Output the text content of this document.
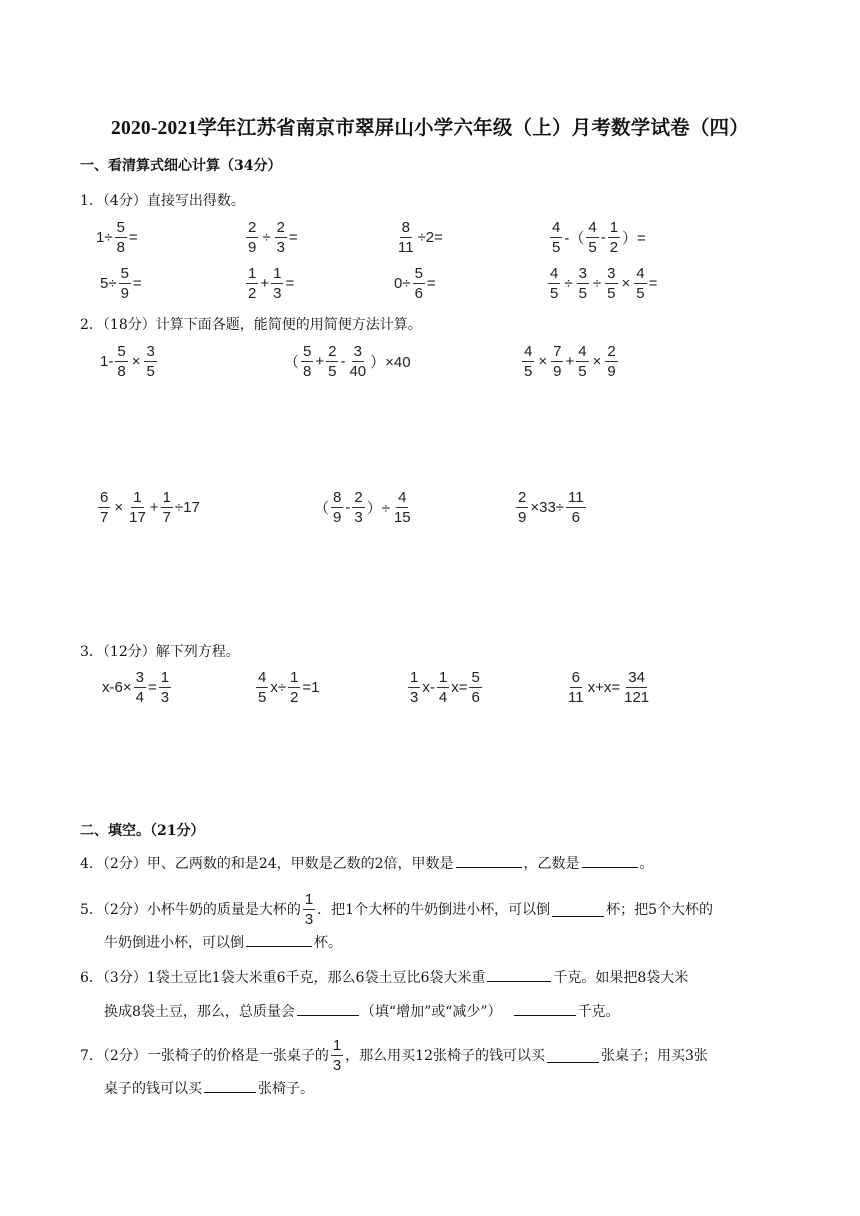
2020-2021学年江苏省南京市翠屏山小学六年级（上）月考数学试卷（四）
一、看清算式细心计算（34分）
1．（4分）直接写出得数。
$1\div \frac{5}{8}$ =	$\frac{2}{9} \div \frac{2}{3}$ =	$\frac{8}{11} \div 2=$	$\frac{4}{5}$ -（ $\frac{4}{5} - \frac{1}{2}$ ）=
$5\div \frac{5}{9}$ =	$\frac{1}{2} + \frac{1}{3}$ =	$0\div \frac{5}{6}$ =	$\frac{4}{5} \div \frac{3}{5} \div \frac{3}{5} \times \frac{4}{5}$ =
2．（18分）计算下面各题，能简便的用简便方法计算。
$1- \frac{5}{8} \times \frac{3}{5}$	（ $\frac{5}{8} + \frac{2}{5} - \frac{3}{40} )\times 40$	$\frac{4}{5} \times \frac{7}{9} + \frac{4}{5} \times \frac{2}{9}$
$\frac{6}{7} \times \frac{1}{17} + \frac{1}{7} \div 17$	（ $\frac{8}{9} - \frac{2}{3}$ ）÷ $\frac{4}{15}$	$\frac{2}{9} \times 33\div \frac{11}{6}$
3．（12分）解下列方程。
$x-6\times \frac{3}{4} = \frac{1}{3}$	$\frac{4}{5} x\div \frac{1}{2} =1$	$\frac{1}{3} x- \frac{1}{4} x= \frac{5}{6}$	$\frac{6}{11} x+x= \frac{34}{121}$
二、填空。（21分）
4．（2分）甲、乙两数的和是24，甲数是乙数的2倍，甲数是	，乙数是	。
5．（2分）小杯牛奶的质量是大杯的 $\frac{1}{3}$ ．把1个大杯的牛奶倒进小杯，可以倒	杯；把5个大杯的
牛奶倒进小杯，可以倒	杯。
6．（3分）1袋土豆比1袋大米重6千克，那么6袋土豆比6袋大米重	千克。如果把8袋大米
换成8袋土豆，那么，总质量会	（填“增加”或“减少”）	千克。
7．（2分）一张椅子的价格是一张桌子的 $\frac{1}{3}$ ，那么用买12张椅子的钱可以买	张桌子；用买3张
桌子的钱可以买	张椅子。
